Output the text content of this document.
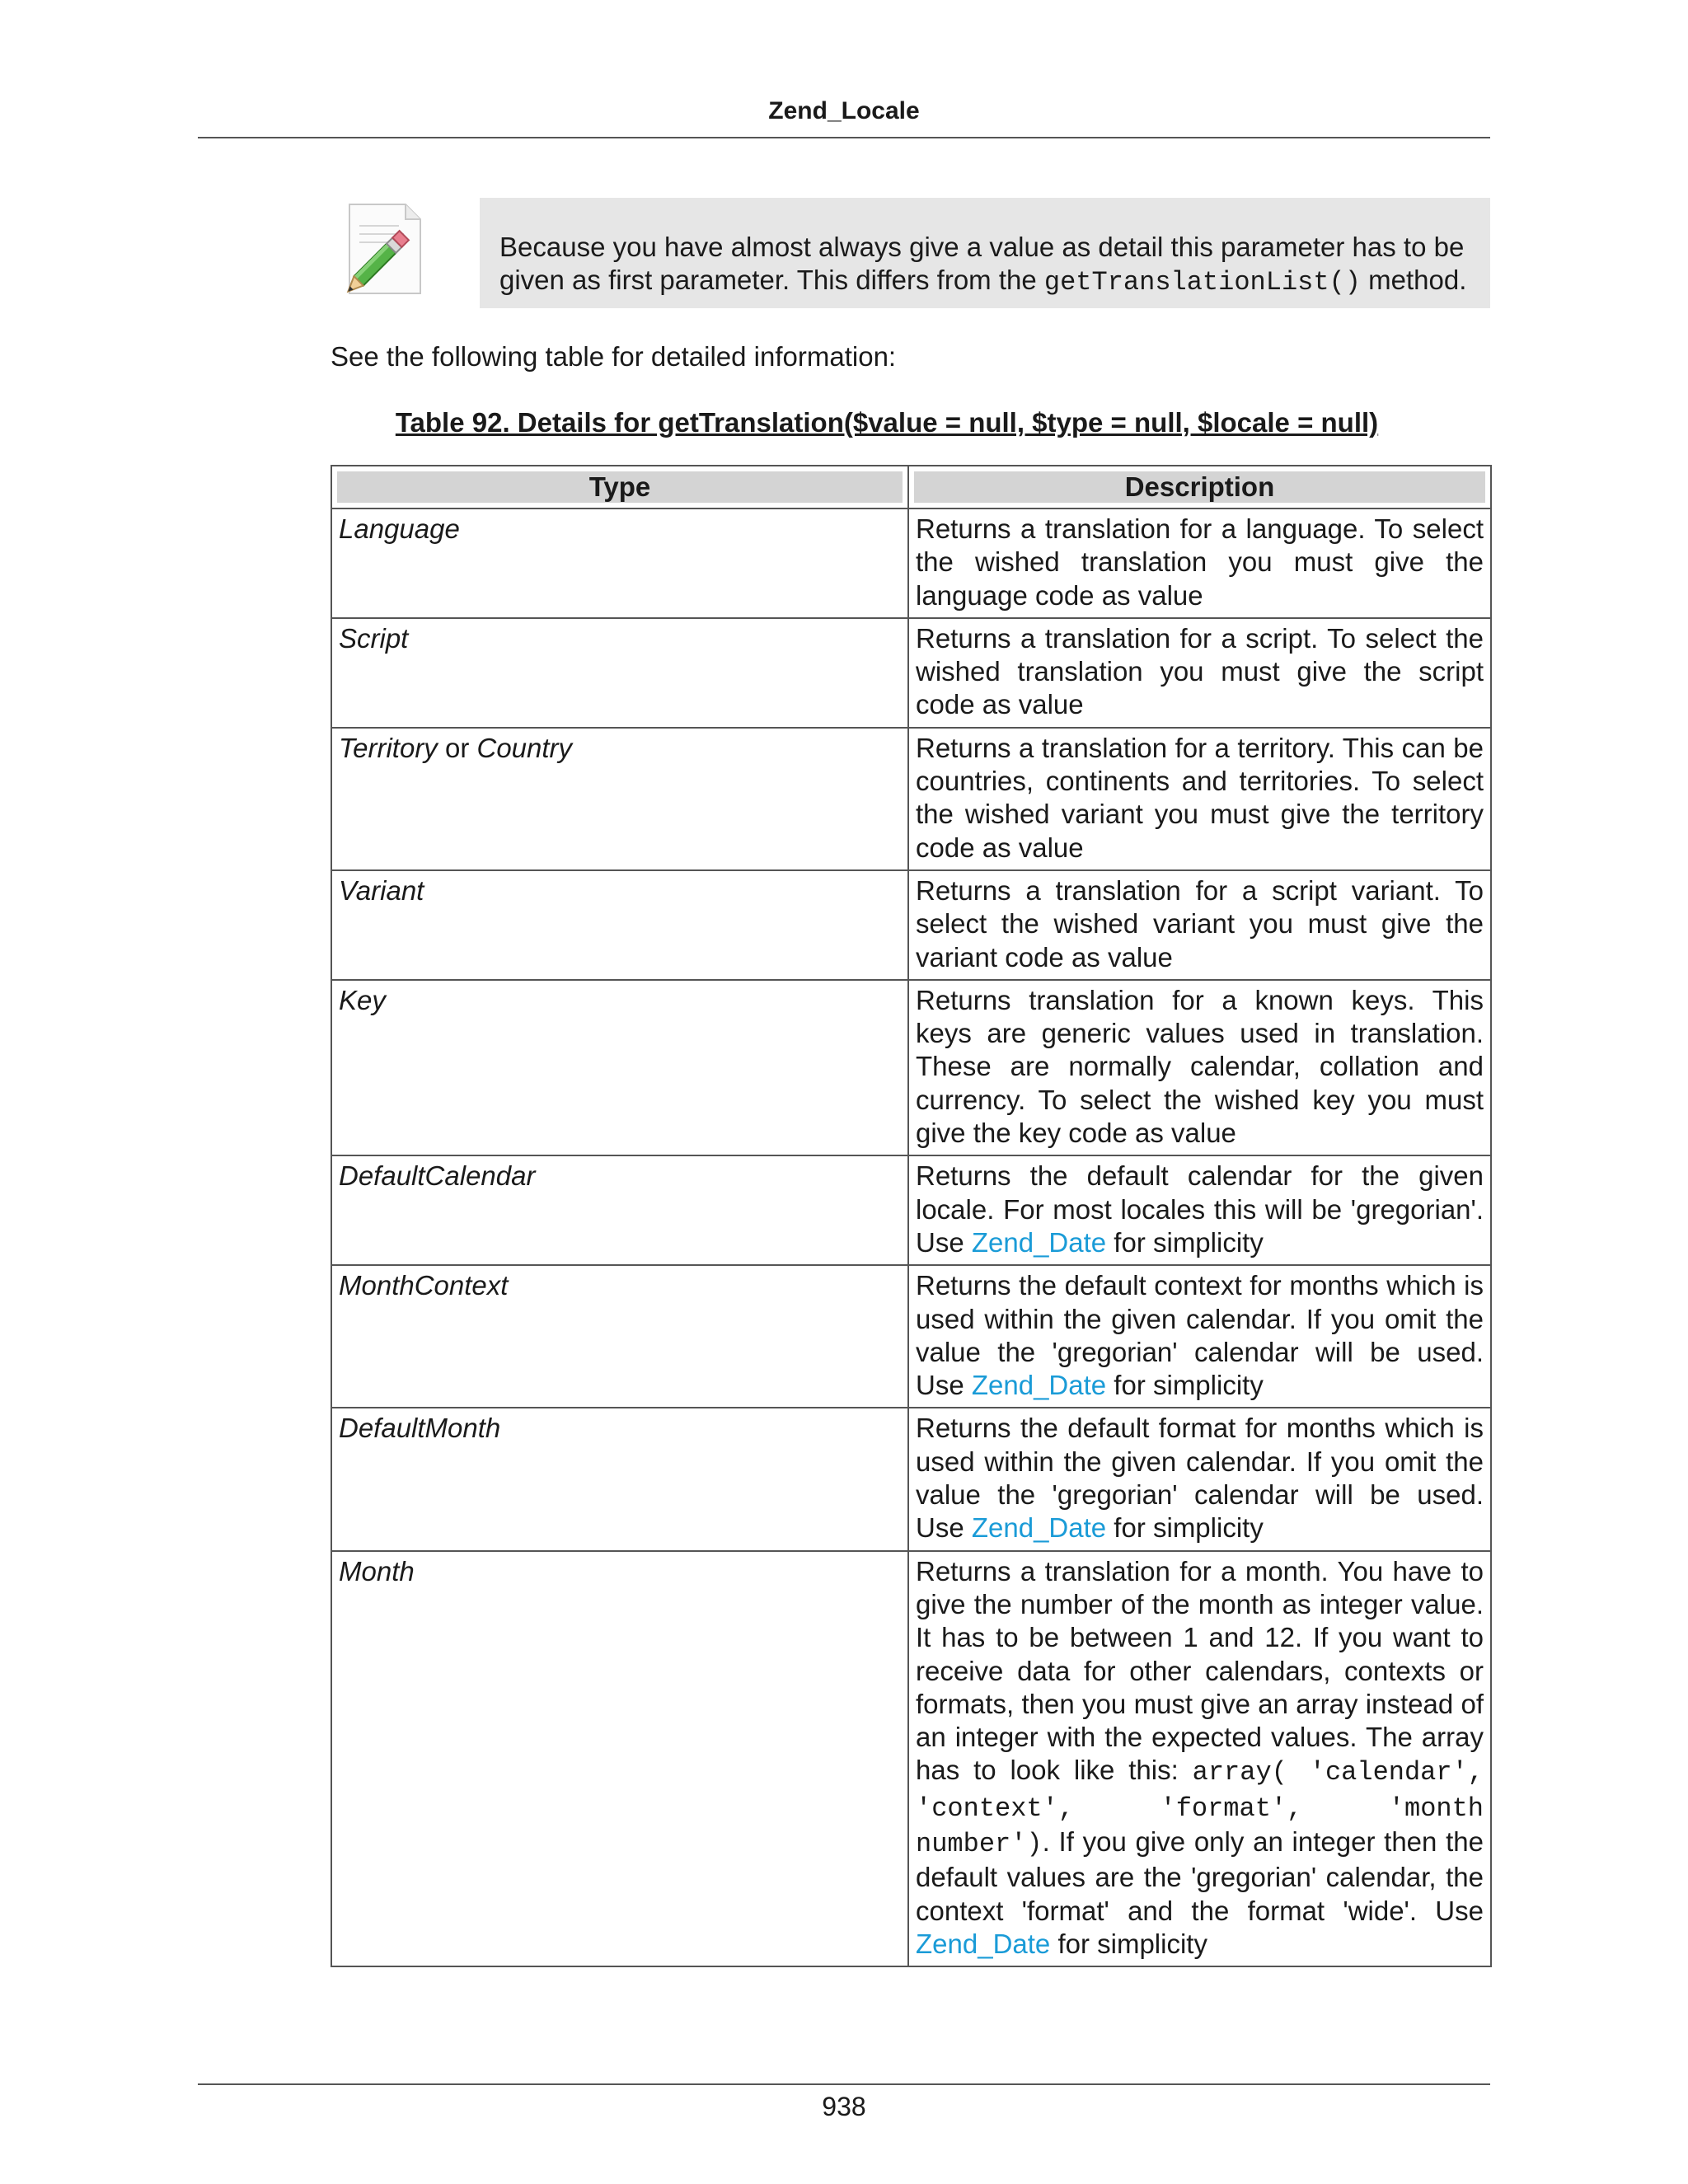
Zend_Locale
Because you have almost always give a value as detail this parameter has to be given as first parameter. This differs from the getTranslationList() method.
See the following table for detailed information:
Table 92. Details for getTranslation($value = null, $type = null, $locale = null)
Type	Description

Language	Returns a translation for a language. To select the wished translation you must give the language code as value
Script	Returns a translation for a script. To select the wished translation you must give the script code as value
Territory or Country	Returns a translation for a territory. This can be countries, continents and territories. To select the wished variant you must give the territory code as value
Variant	Returns a translation for a script variant. To select the wished variant you must give the variant code as value
Key	Returns translation for a known keys. This keys are generic values used in translation. These are normally calendar, collation and currency. To select the wished key you must give the key code as value
DefaultCalendar	Returns the default calendar for the given locale. For most locales this will be 'gregorian'. Use Zend_Date for simplicity
MonthContext	Returns the default context for months which is used within the given calendar. If you omit the value the 'gregorian' calendar will be used. Use Zend_Date for simplicity
DefaultMonth	Returns the default format for months which is used within the given calendar. If you omit the value the 'gregorian' calendar will be used. Use Zend_Date for simplicity
Month	Returns a translation for a month. You have to give the number of the month as integer value. It has to be between 1 and 12. If you want to receive data for other calendars, contexts or formats, then you must give an array instead of an integer with the expected values. The array has to look like this: array( 'calendar', 'context', 'format', 'month number'). If you give only an integer then the default values are the 'gregorian' calendar, the context 'format' and the format 'wide'. Use Zend_Date for simplicity
938
